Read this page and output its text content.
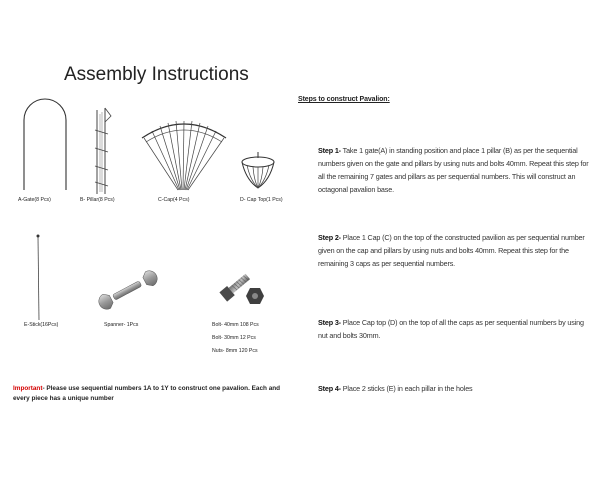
Assembly Instructions
A-Gate(8 Pcs)	B- Pillar(8 Pcs)	C-Cap(4 Pcs)	D- Cap Top(1 Pcs)
E-Stick(16Pcs)	Spanner- 1Pcs	Bolt- 40mm 108 Pcs
Bolt- 30mm 12 Pcs
Nuts- 8mm 120 Pcs
Important- Please use sequential numbers 1A to 1Y to construct one pavalion. Each and every piece has a unique number
Steps to construct Pavalion:
Step 1- Take 1 gate(A) in standing position and place 1 pillar (B) as per the sequential numbers given on the gate and pillars by using nuts and bolts 40mm. Repeat this step for all the remaining 7 gates and pillars as per sequential numbers. This will construct an octagonal pavalion base.
Step 2- Place 1 Cap (C) on the top of the constructed pavilion as per sequential number given on the cap and pillars by using nuts and bolts 40mm. Repeat this step for the remaining 3 caps as per sequential numbers.
Step 3- Place Cap top (D) on the top of all the caps as per sequential numbers by using nut and bolts 30mm.
Step 4- Place 2 sticks (E) in each pillar in the holes
